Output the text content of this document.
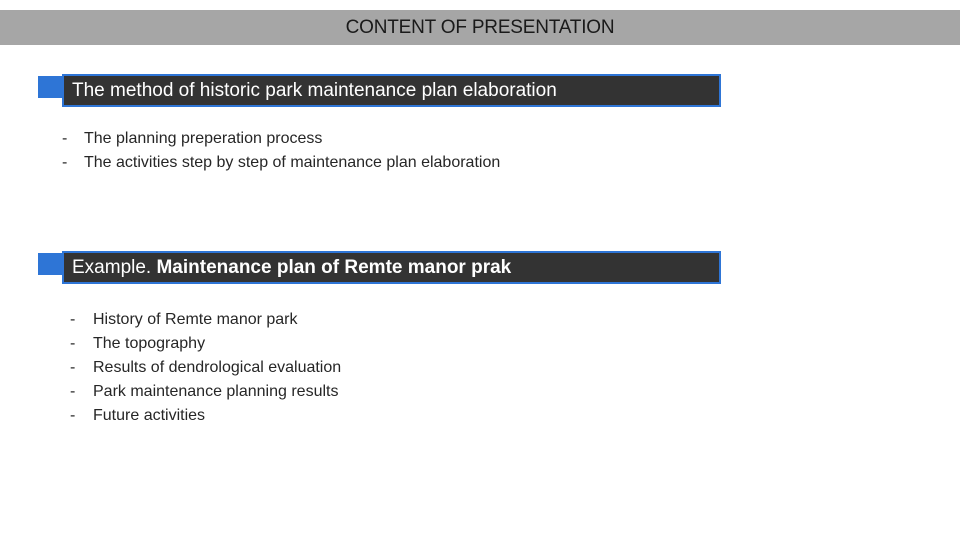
CONTENT OF PRESENTATION
The method of historic park maintenance plan elaboration
-	The planning preperation process
-	The activities step by step of maintenance plan elaboration
Example. Maintenance plan of Remte manor prak
-	History of Remte manor park
-	The topography
-	Results of dendrological evaluation
-	Park maintenance planning results
-	Future activities
